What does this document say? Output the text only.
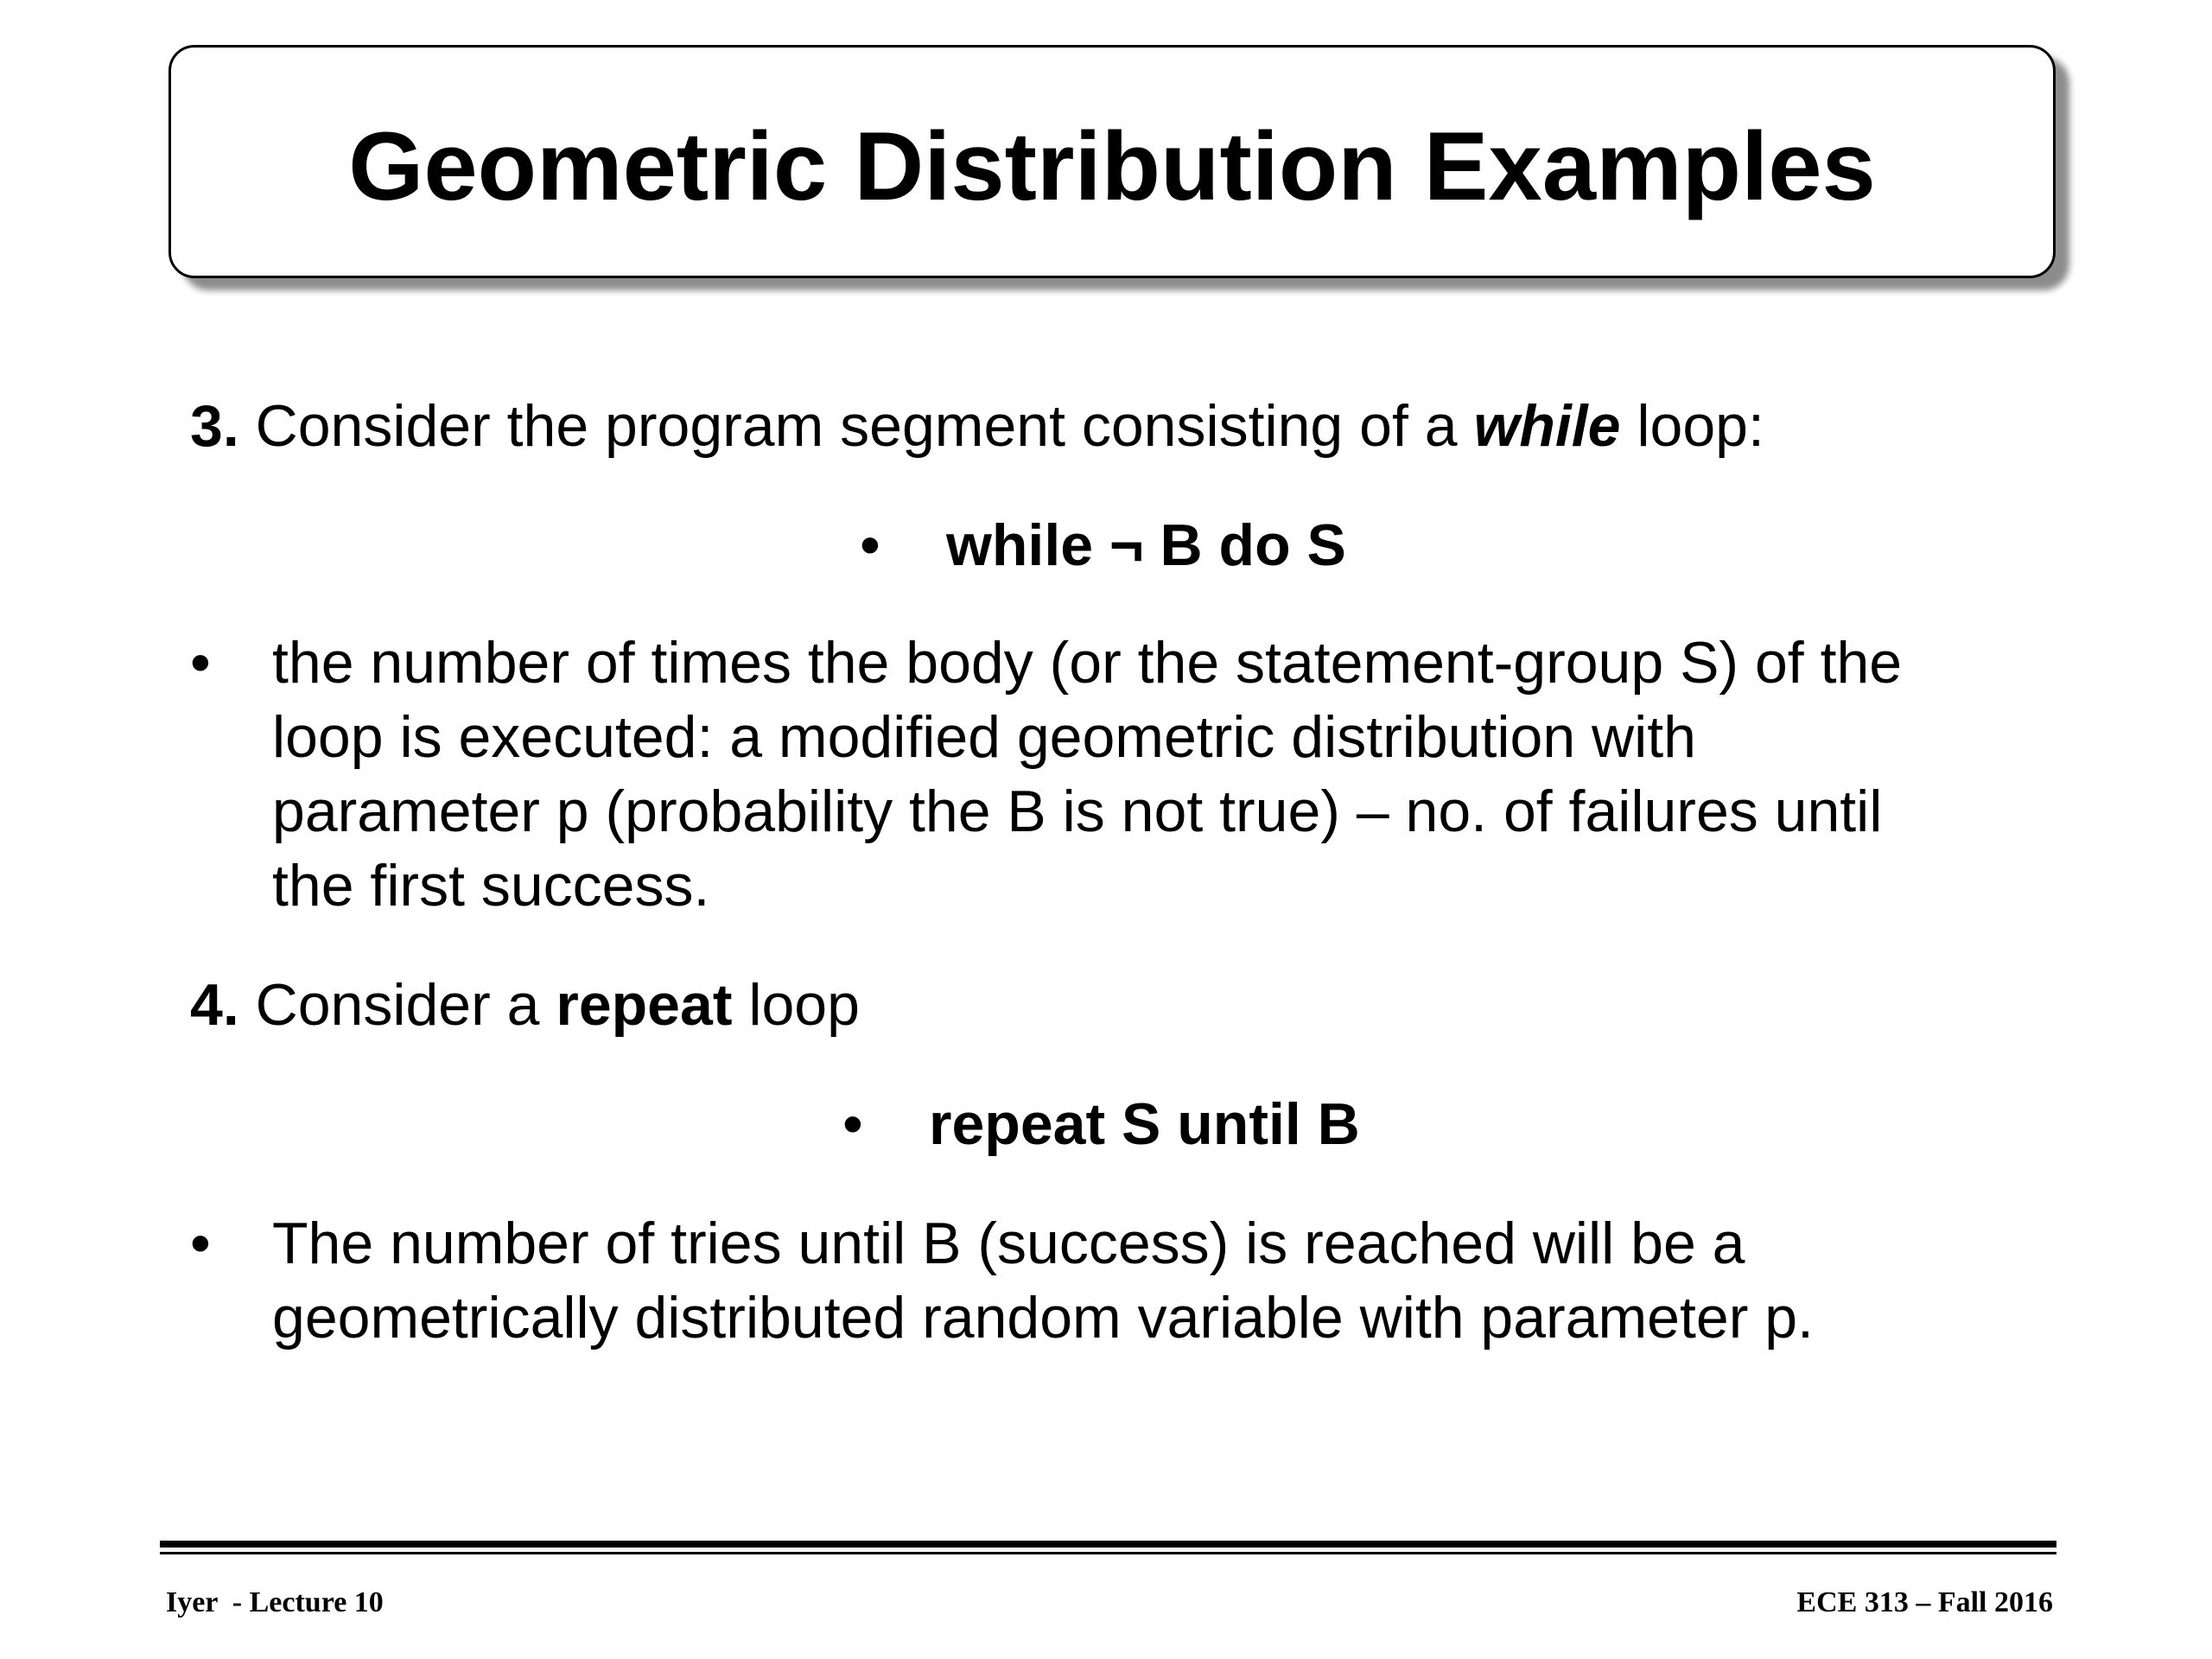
Geometric Distribution Examples
3. Consider the program segment consisting of a while loop:
• while ¬ B do S
• the number of times the body (or the statement-group S) of the
loop is executed: a modified geometric distribution with
parameter p (probability the B is not true) – no. of failures until
the first success.
4. Consider a repeat loop
• repeat S until B
• The number of tries until B (success) is reached will be a
geometrically distributed random variable with parameter p.
Iyer  - Lecture 10	ECE 313 – Fall 2016
